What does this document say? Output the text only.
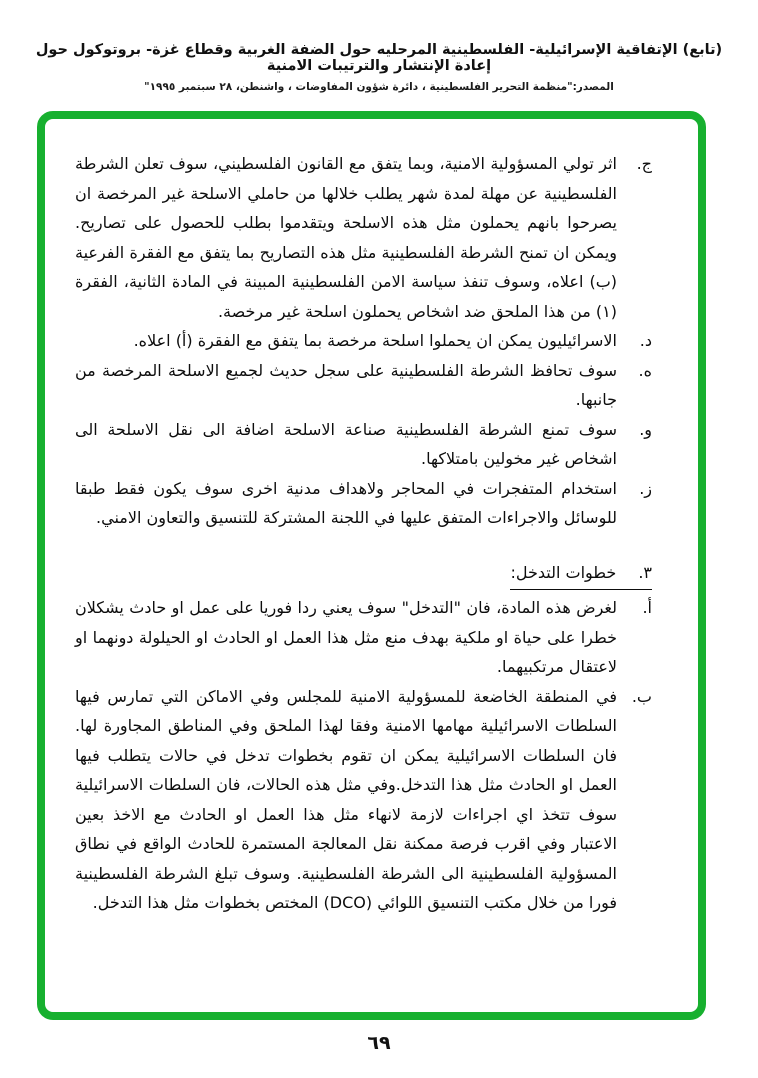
(تابع) الإتفاقية الإسرائيلية- الفلسطينية المرحليه حول الضفة الغربية وقطاع غزة- بروتوكول حول إعادة الإنتشار والترتيبات الامنية
المصدر:"منظمة التحرير الفلسطينية ، دائرة شؤون المفاوضات ، واشنطن، ٢٨ سبتمبر ١٩٩٥"
ج.
اثر تولي المسؤولية الامنية، وبما يتفق مع القانون الفلسطيني، سوف تعلن الشرطة الفلسطينية عن مهلة لمدة شهر يطلب خلالها من حاملي الاسلحة غير المرخصة ان يصرحوا بانهم يحملون مثل هذه الاسلحة ويتقدموا بطلب للحصول على تصاريح. ويمكن ان تمنح الشرطة الفلسطينية مثل هذه التصاريح بما يتفق مع الفقرة الفرعية (ب) اعلاه، وسوف تنفذ سياسة الامن الفلسطينية المبينة في المادة الثانية، الفقرة (١) من هذا الملحق ضد اشخاص يحملون اسلحة غير مرخصة.
د.
الاسرائيليون يمكن ان يحملوا اسلحة مرخصة بما يتفق مع الفقرة (أ) اعلاه.
ه.
سوف تحافظ الشرطة الفلسطينية على سجل حديث لجميع الاسلحة المرخصة من جانبها.
و.
سوف تمنع الشرطة الفلسطينية صناعة الاسلحة اضافة الى نقل الاسلحة الى اشخاص غير مخولين بامتلاكها.
ز.
استخدام المتفجرات في المحاجر ولاهداف مدنية اخرى سوف يكون فقط طبقا للوسائل والاجراءات المتفق عليها في اللجنة المشتركة للتنسيق والتعاون الامني.
٣.خطوات التدخل:
أ.
لغرض هذه المادة، فان "التدخل" سوف يعني ردا فوريا على عمل او حادث يشكلان خطرا على حياة او ملكية بهدف منع مثل هذا العمل او الحادث او الحيلولة دونهما او لاعتقال مرتكبيهما.
ب.
في المنطقة الخاضعة للمسؤولية الامنية للمجلس وفي الاماكن التي تمارس فيها السلطات الاسرائيلية مهامها الامنية وفقا لهذا الملحق وفي المناطق المجاورة لها. فان السلطات الاسرائيلية يمكن ان تقوم بخطوات تدخل في حالات يتطلب فيها العمل او الحادث مثل هذا التدخل.وفي مثل هذه الحالات، فان السلطات الاسرائيلية سوف تتخذ اي اجراءات لازمة لانهاء مثل هذا العمل او الحادث مع الاخذ بعين الاعتبار وفي اقرب فرصة ممكنة نقل المعالجة المستمرة للحادث الواقع في نطاق المسؤولية الفلسطينية الى الشرطة الفلسطينية. وسوف تبلغ الشرطة الفلسطينية فورا من خلال مكتب التنسيق اللوائي (DCO) المختص بخطوات مثل هذا التدخل.
٦٩
